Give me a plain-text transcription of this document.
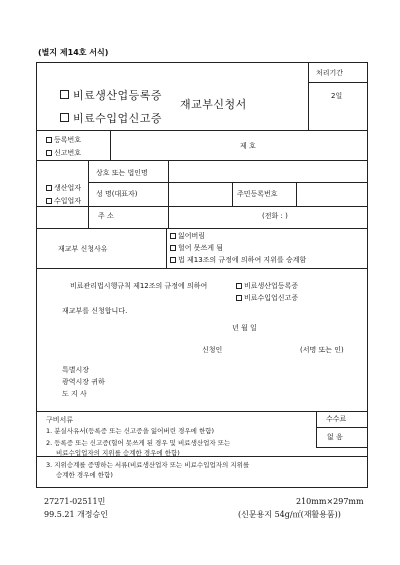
(별지 제14호 서식)
비료생산업등록증
비료수입업신고증
재교부신청서
처리기간
2일
등록번호
신고번호
제 호
생산업자
수입업자
상호 또는 법인명
성 명(대표자)	주민등록번호
주 소	(전화 : )
재교부 신청사유
잃어버림
헐어 못쓰게 됨
법 제13조의 규정에 의하여 지위를 승계함
비료관리법시행규칙 제12조의 규정에 의하여	비료생산업등록증
비료수입업신고증
재교부를 신청합니다.
년 월 일
신청인	(서명 또는 인)
특별시장
광역시장 귀하
도 지 사
구비서류
1. 분실사유서(등록증 또는 신고증을 잃어버린 경우에 한함)
2. 등록증 또는 신고증(헐어 못쓰게 된 경우 및 비료생산업자 또는
비료수입업자의 지위를 승계한 경우에 한함)
3. 지위승계를 증명하는 서류(비료생산업자 또는 비료수입업자의 지위를
승계한 경우에 한함)
수수료
없 음
27271-02511민
99.5.21 개정승인
210mm×297mm
(신문용지 54g/㎡(재활용품))
